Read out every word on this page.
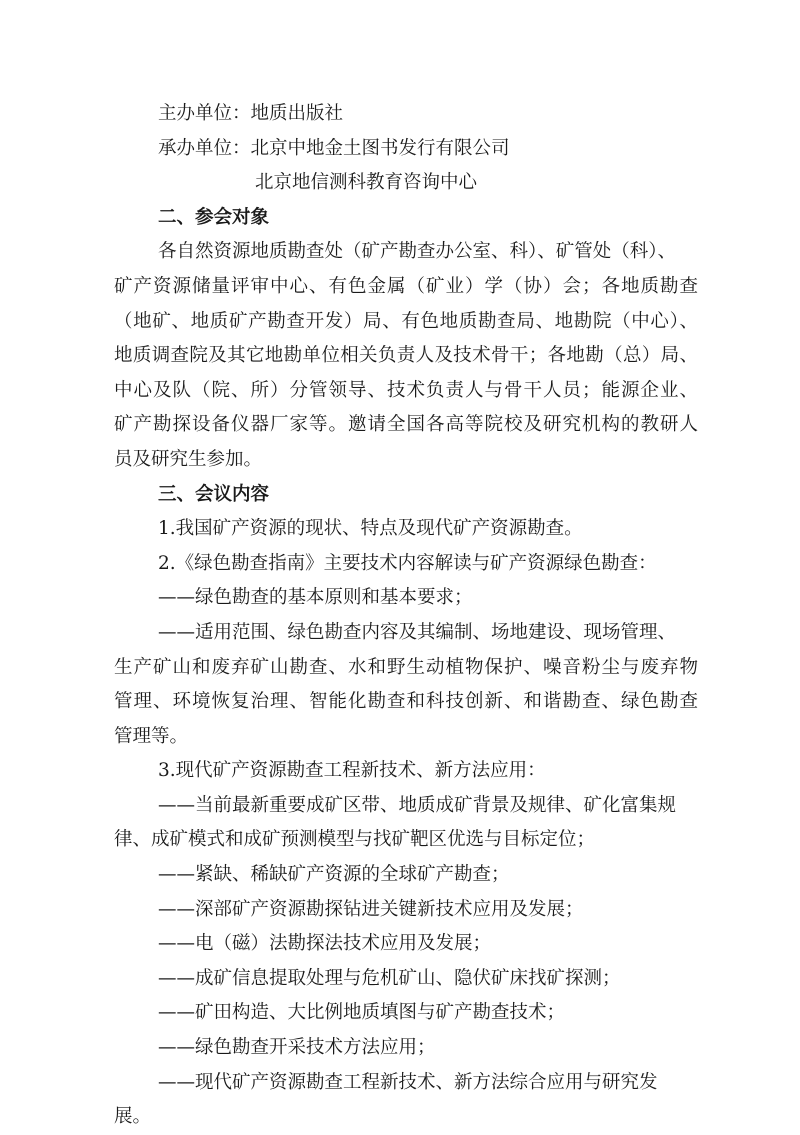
主办单位：地质出版社
承办单位：北京中地金土图书发行有限公司
北京地信测科教育咨询中心
二、参会对象
各自然资源地质勘查处（矿产勘查办公室、科）、矿管处（科）、
矿产资源储量评审中心、有色金属（矿业）学（协）会；各地质勘查
（地矿、地质矿产勘查开发）局、有色地质勘查局、地勘院（中心）、
地质调查院及其它地勘单位相关负责人及技术骨干；各地勘（总）局、
中心及队（院、所）分管领导、技术负责人与骨干人员；能源企业、
矿产勘探设备仪器厂家等。邀请全国各高等院校及研究机构的教研人
员及研究生参加。
三、会议内容
1.我国矿产资源的现状、特点及现代矿产资源勘查。
2.《绿色勘查指南》主要技术内容解读与矿产资源绿色勘查：
——绿色勘查的基本原则和基本要求；
——适用范围、绿色勘查内容及其编制、场地建设、现场管理、
生产矿山和废弃矿山勘查、水和野生动植物保护、噪音粉尘与废弃物
管理、环境恢复治理、智能化勘查和科技创新、和谐勘查、绿色勘查
管理等。
3.现代矿产资源勘查工程新技术、新方法应用：
——当前最新重要成矿区带、地质成矿背景及规律、矿化富集规
律、成矿模式和成矿预测模型与找矿靶区优选与目标定位；
——紧缺、稀缺矿产资源的全球矿产勘查；
——深部矿产资源勘探钻进关键新技术应用及发展；
——电（磁）法勘探法技术应用及发展；
——成矿信息提取处理与危机矿山、隐伏矿床找矿探测；
——矿田构造、大比例地质填图与矿产勘查技术；
——绿色勘查开采技术方法应用；
——现代矿产资源勘查工程新技术、新方法综合应用与研究发
展。
